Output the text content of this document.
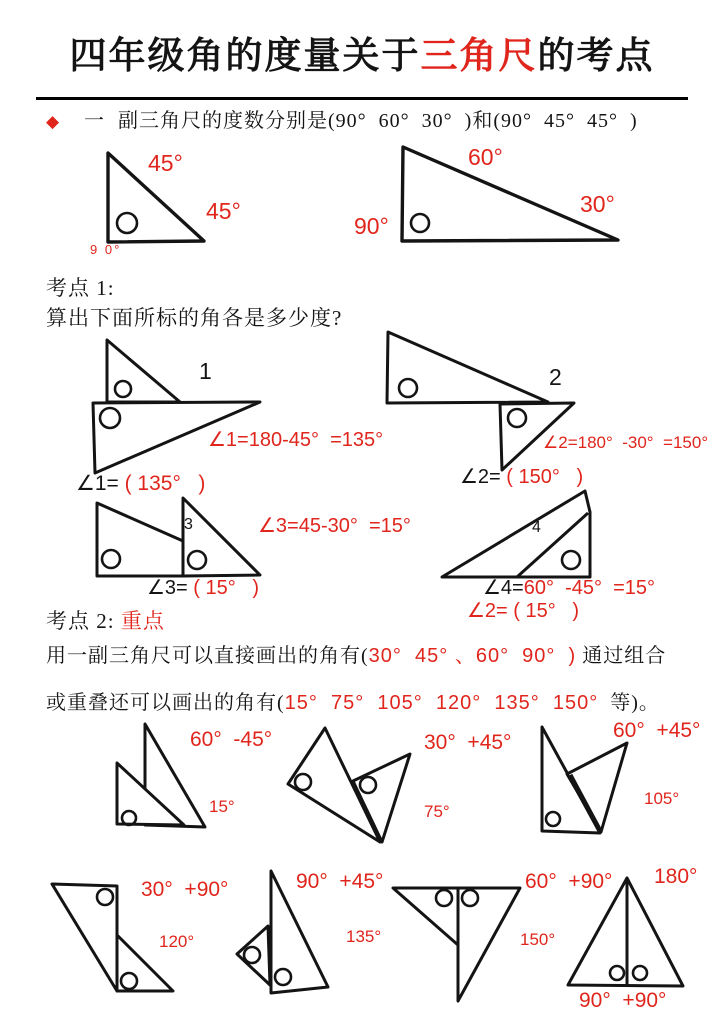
四年级角的度量关于三角尺的考点
◆ 一 副三角尺的度数分别是(90°  60°  30°  )和(90°  45°  45°  )
45°
45°
9 0°
60°
30°
90°
考点 1:
算出下面所标的角各是多少度?
1	2
3	4
∠1=180-45°  =135°
∠1= ( 135°   )
∠2=180°  -30°  =150°
∠2= ( 150°   )
∠3=45-30°  =15°
∠3= ( 15°   )	∠4=60°  -45°  =15°
∠2= ( 15°   )
考点 2: 重点
用一副三角尺可以直接画出的角有(30°  45° 、60°  90°  ) 通过组合
或重叠还可以画出的角有(15°  75°  105°  120°  135°  150°  等)。
60°  -45°
15°
30°  +45°
75°
60°  +45°
105°
30°  +90°
120°
90°  +45°
135°
60°  +90°
150°
180°
90°  +90°
